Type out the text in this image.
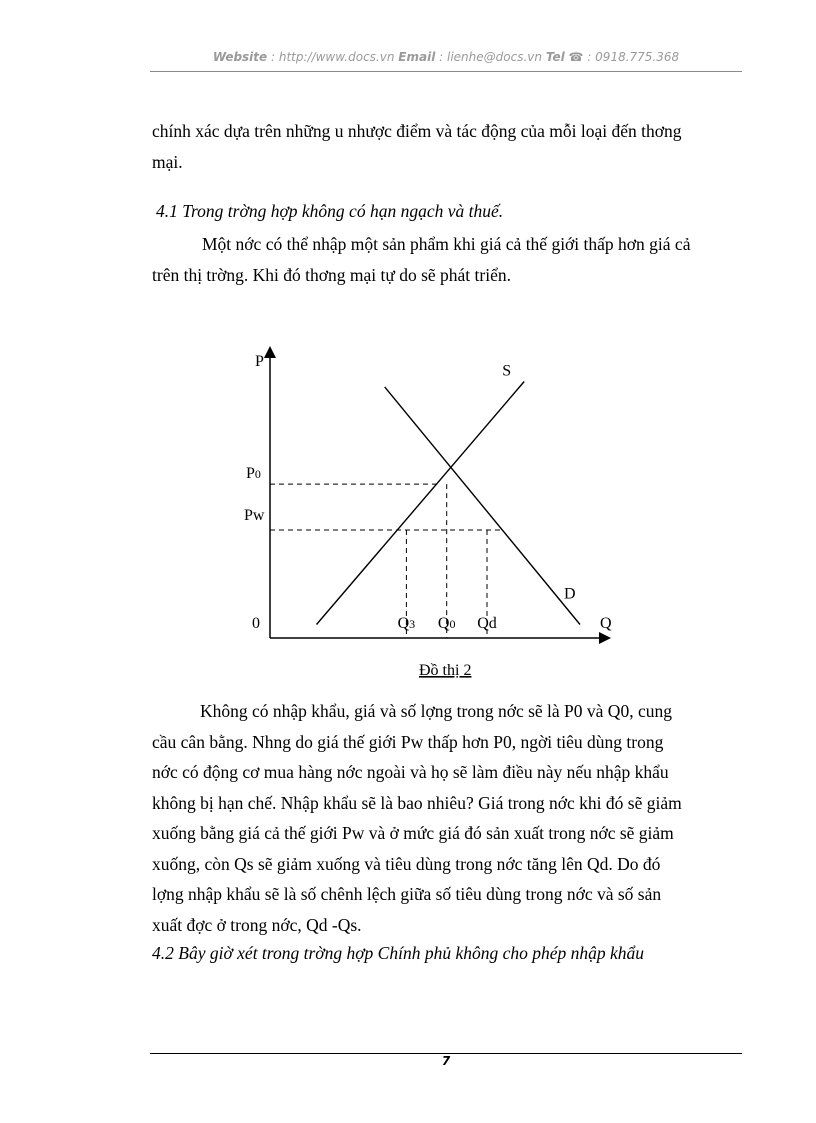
Website : http://www.docs.vn Email : lienhe@docs.vn Tel ☎ : 0918.775.368
chính xác dựa trên những u nhược điểm và tác động của mỗi loại đến thơng
mại.
4.1 Trong trờng hợp không có hạn ngạch và thuế.
Một nớc có thể nhập một sản phẩm khi giá cả thế giới thấp hơn giá cả
trên thị trờng. Khi đó thơng mại tự do sẽ phát triển.
P
Q
0
Đồ thị 2
S
D
P0
Pw
Q3 Q0 Qd
Không có nhập khẩu, giá và số lợng trong nớc sẽ là P0 và Q0, cung
cầu cân bằng. Nhng do giá thế giới Pw thấp hơn P0, ngời tiêu dùng trong
nớc có động cơ mua hàng nớc ngoài và họ sẽ làm điều này nếu nhập khẩu
không bị hạn chế. Nhập khẩu sẽ là bao nhiêu? Giá trong nớc khi đó sẽ giảm
xuống bằng giá cả thế giới Pw và ở mức giá đó sản xuất trong nớc sẽ giảm
xuống, còn Qs sẽ giảm xuống và tiêu dùng trong nớc tăng lên Qd. Do đó
lợng nhập khẩu sẽ là số chênh lệch giữa số tiêu dùng trong nớc và số sản
xuất đợc ở trong nớc, Qd -Qs.
4.2 Bây giờ xét trong trờng hợp Chính phủ không cho phép nhập khẩu
7
